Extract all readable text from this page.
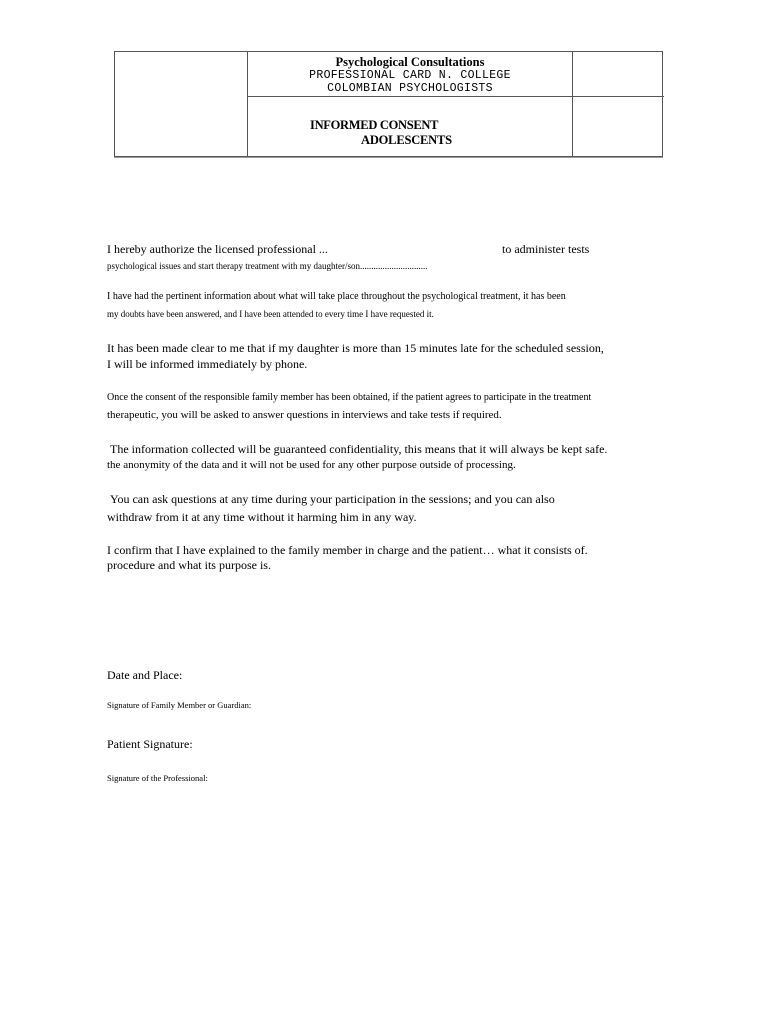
Psychological Consultations
PROFESSIONAL CARD N. COLLEGE
COLOMBIAN PSYCHOLOGISTS
INFORMED CONSENT
ADOLESCENTS
I hereby authorize the licensed professional ...	to administer tests
psychological issues and start therapy treatment with my daughter/son..............................
I have had the pertinent information about what will take place throughout the psychological treatment, it has been
my doubts have been answered, and I have been attended to every time I have requested it.
It has been made clear to me that if my daughter is more than 15 minutes late for the scheduled session,
I will be informed immediately by phone.
Once the consent of the responsible family member has been obtained, if the patient agrees to participate in the treatment
therapeutic, you will be asked to answer questions in interviews and take tests if required.
The information collected will be guaranteed confidentiality, this means that it will always be kept safe.
the anonymity of the data and it will not be used for any other purpose outside of processing.
You can ask questions at any time during your participation in the sessions; and you can also
withdraw from it at any time without it harming him in any way.
I confirm that I have explained to the family member in charge and the patient… what it consists of.
procedure and what its purpose is.
Date and Place:
Signature of Family Member or Guardian:
Patient Signature:
Signature of the Professional:
